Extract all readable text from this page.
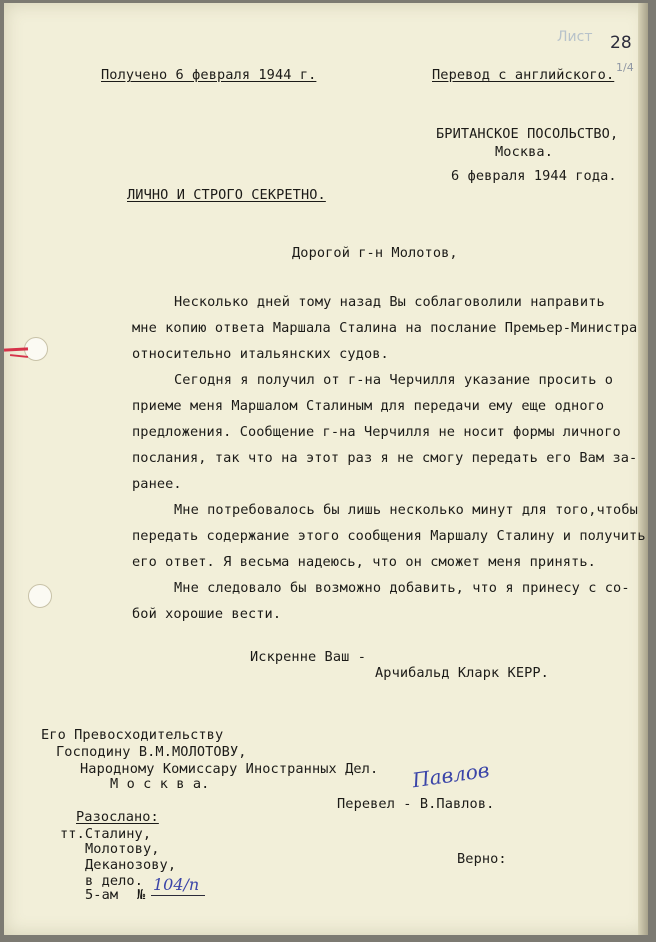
Лист	28
1/4
Получено 6 февраля 1944 г.	Перевод с английского.
БРИТАНСКОЕ ПОСОЛЬСТВО,
Москва.
6 февраля 1944 года.
ЛИЧНО И СТРОГО СЕКРЕТНО.
Дорогой г-н Молотов,
Несколько дней тому назад Вы соблаговолили направить
мне копию ответа Маршала Сталина на послание Премьер-Министра
относительно итальянских судов.
Сегодня я получил от г-на Черчилля указание просить о
приеме меня Маршалом Сталиным для передачи ему еще одного
предложения. Сообщение г-на Черчилля не носит формы личного
послания, так что на этот раз я не смогу передать его Вам за-
ранее.
Мне потребовалось бы лишь несколько минут для того,чтобы
передать содержание этого сообщения Маршалу Сталину и получить
его ответ. Я весьма надеюсь, что он сможет меня принять.
Мне следовало бы возможно добавить, что я принесу с со-
бой хорошие вести.
Искренне Ваш -
Арчибальд Кларк КЕРР.
Его Превосходительству
Господину В.М.МОЛОТОВУ,
Народному Комиссару Иностранных Дел.
М о с к в а.	Павлов
Перевел - В.Павлов.
Разослано:
тт.Сталину,
Молотову,
Деканозову,
в дело.
5-ам №
104/п
Верно:
